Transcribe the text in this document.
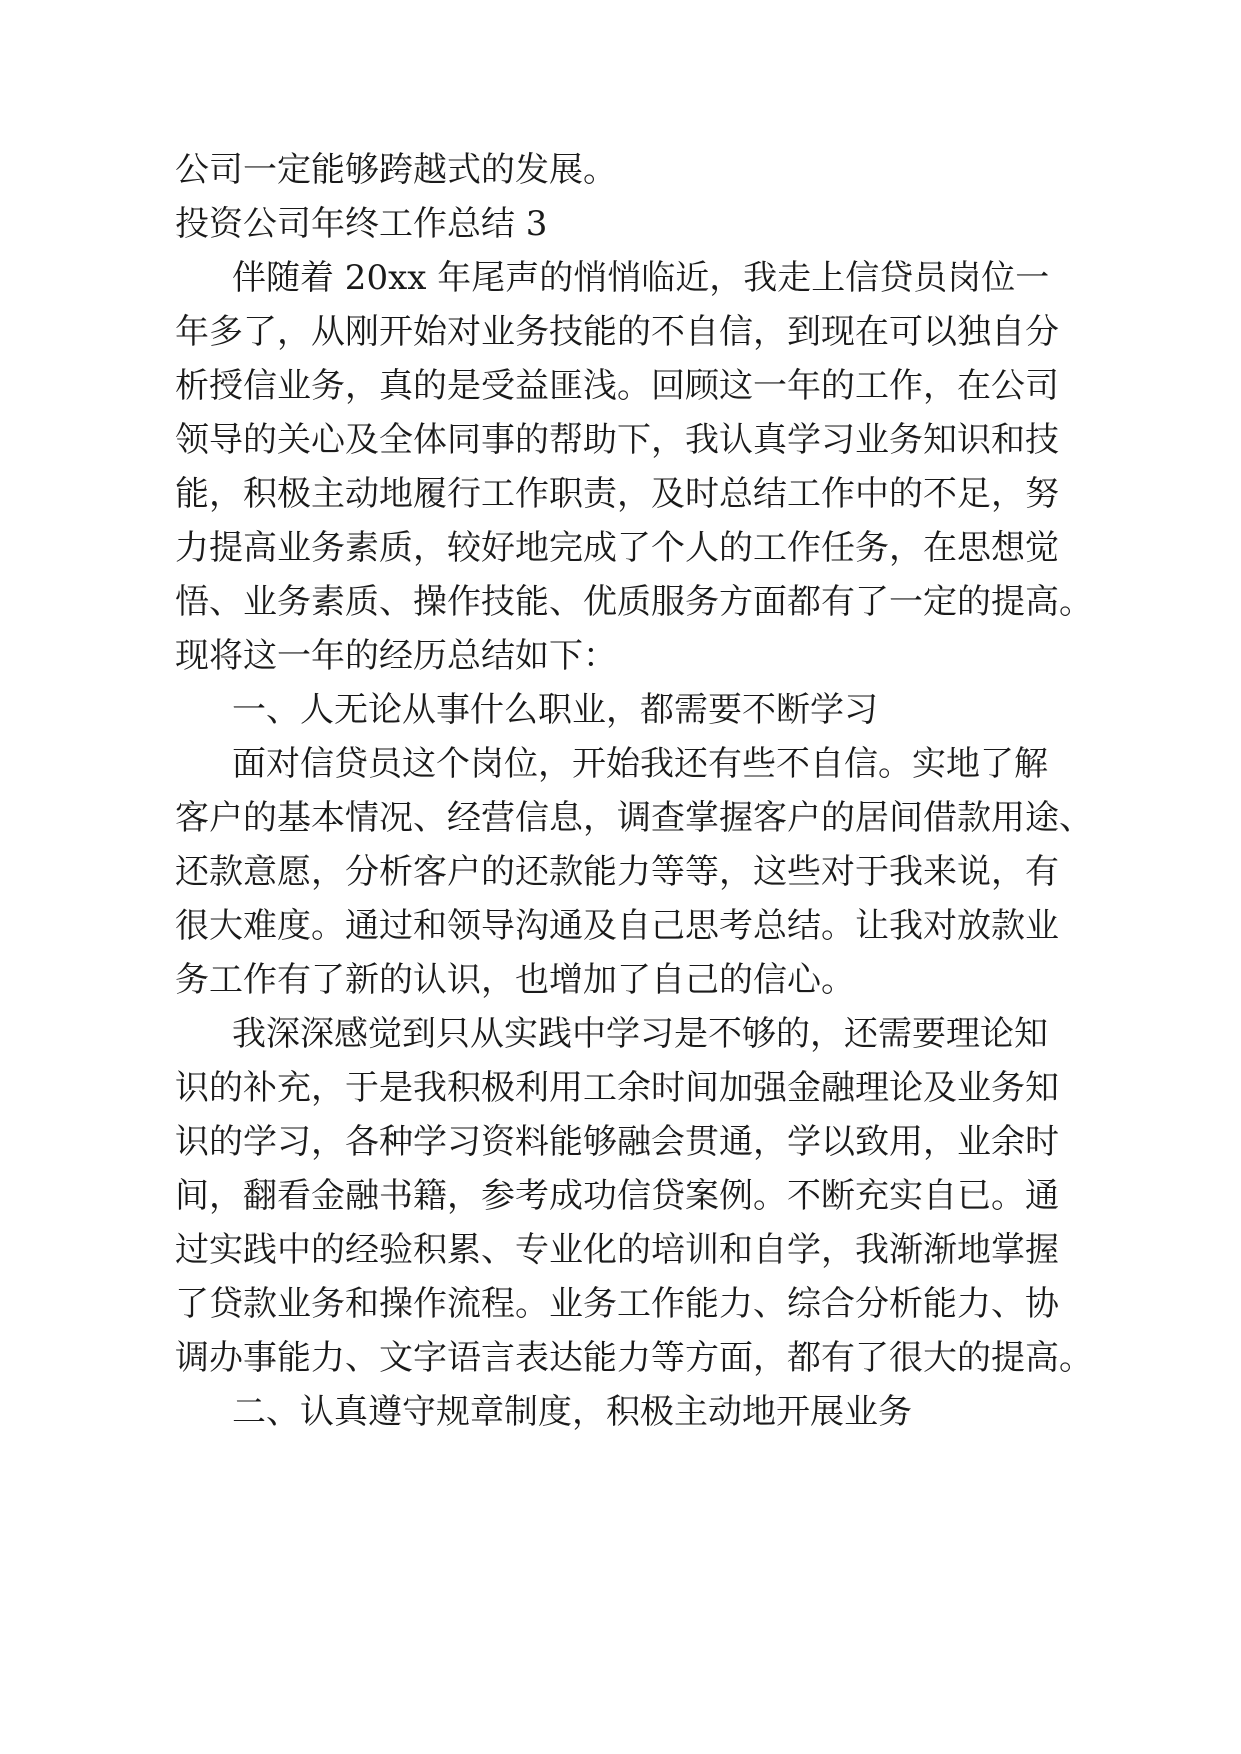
公司一定能够跨越式的发展。
投资公司年终工作总结 3
伴随着 20xx 年尾声的悄悄临近，我走上信贷员岗位一
年多了，从刚开始对业务技能的不自信，到现在可以独自分
析授信业务，真的是受益匪浅。回顾这一年的工作，在公司
领导的关心及全体同事的帮助下，我认真学习业务知识和技
能，积极主动地履行工作职责，及时总结工作中的不足，努
力提高业务素质，较好地完成了个人的工作任务，在思想觉
悟、业务素质、操作技能、优质服务方面都有了一定的提高。
现将这一年的经历总结如下：
一、人无论从事什么职业，都需要不断学习
面对信贷员这个岗位，开始我还有些不自信。实地了解
客户的基本情况、经营信息，调查掌握客户的居间借款用途、
还款意愿，分析客户的还款能力等等，这些对于我来说，有
很大难度。通过和领导沟通及自己思考总结。让我对放款业
务工作有了新的认识，也增加了自己的信心。
我深深感觉到只从实践中学习是不够的，还需要理论知
识的补充，于是我积极利用工余时间加强金融理论及业务知
识的学习，各种学习资料能够融会贯通，学以致用，业余时
间，翻看金融书籍，参考成功信贷案例。不断充实自已。通
过实践中的经验积累、专业化的培训和自学，我渐渐地掌握
了贷款业务和操作流程。业务工作能力、综合分析能力、协
调办事能力、文字语言表达能力等方面，都有了很大的提高。
二、认真遵守规章制度，积极主动地开展业务
